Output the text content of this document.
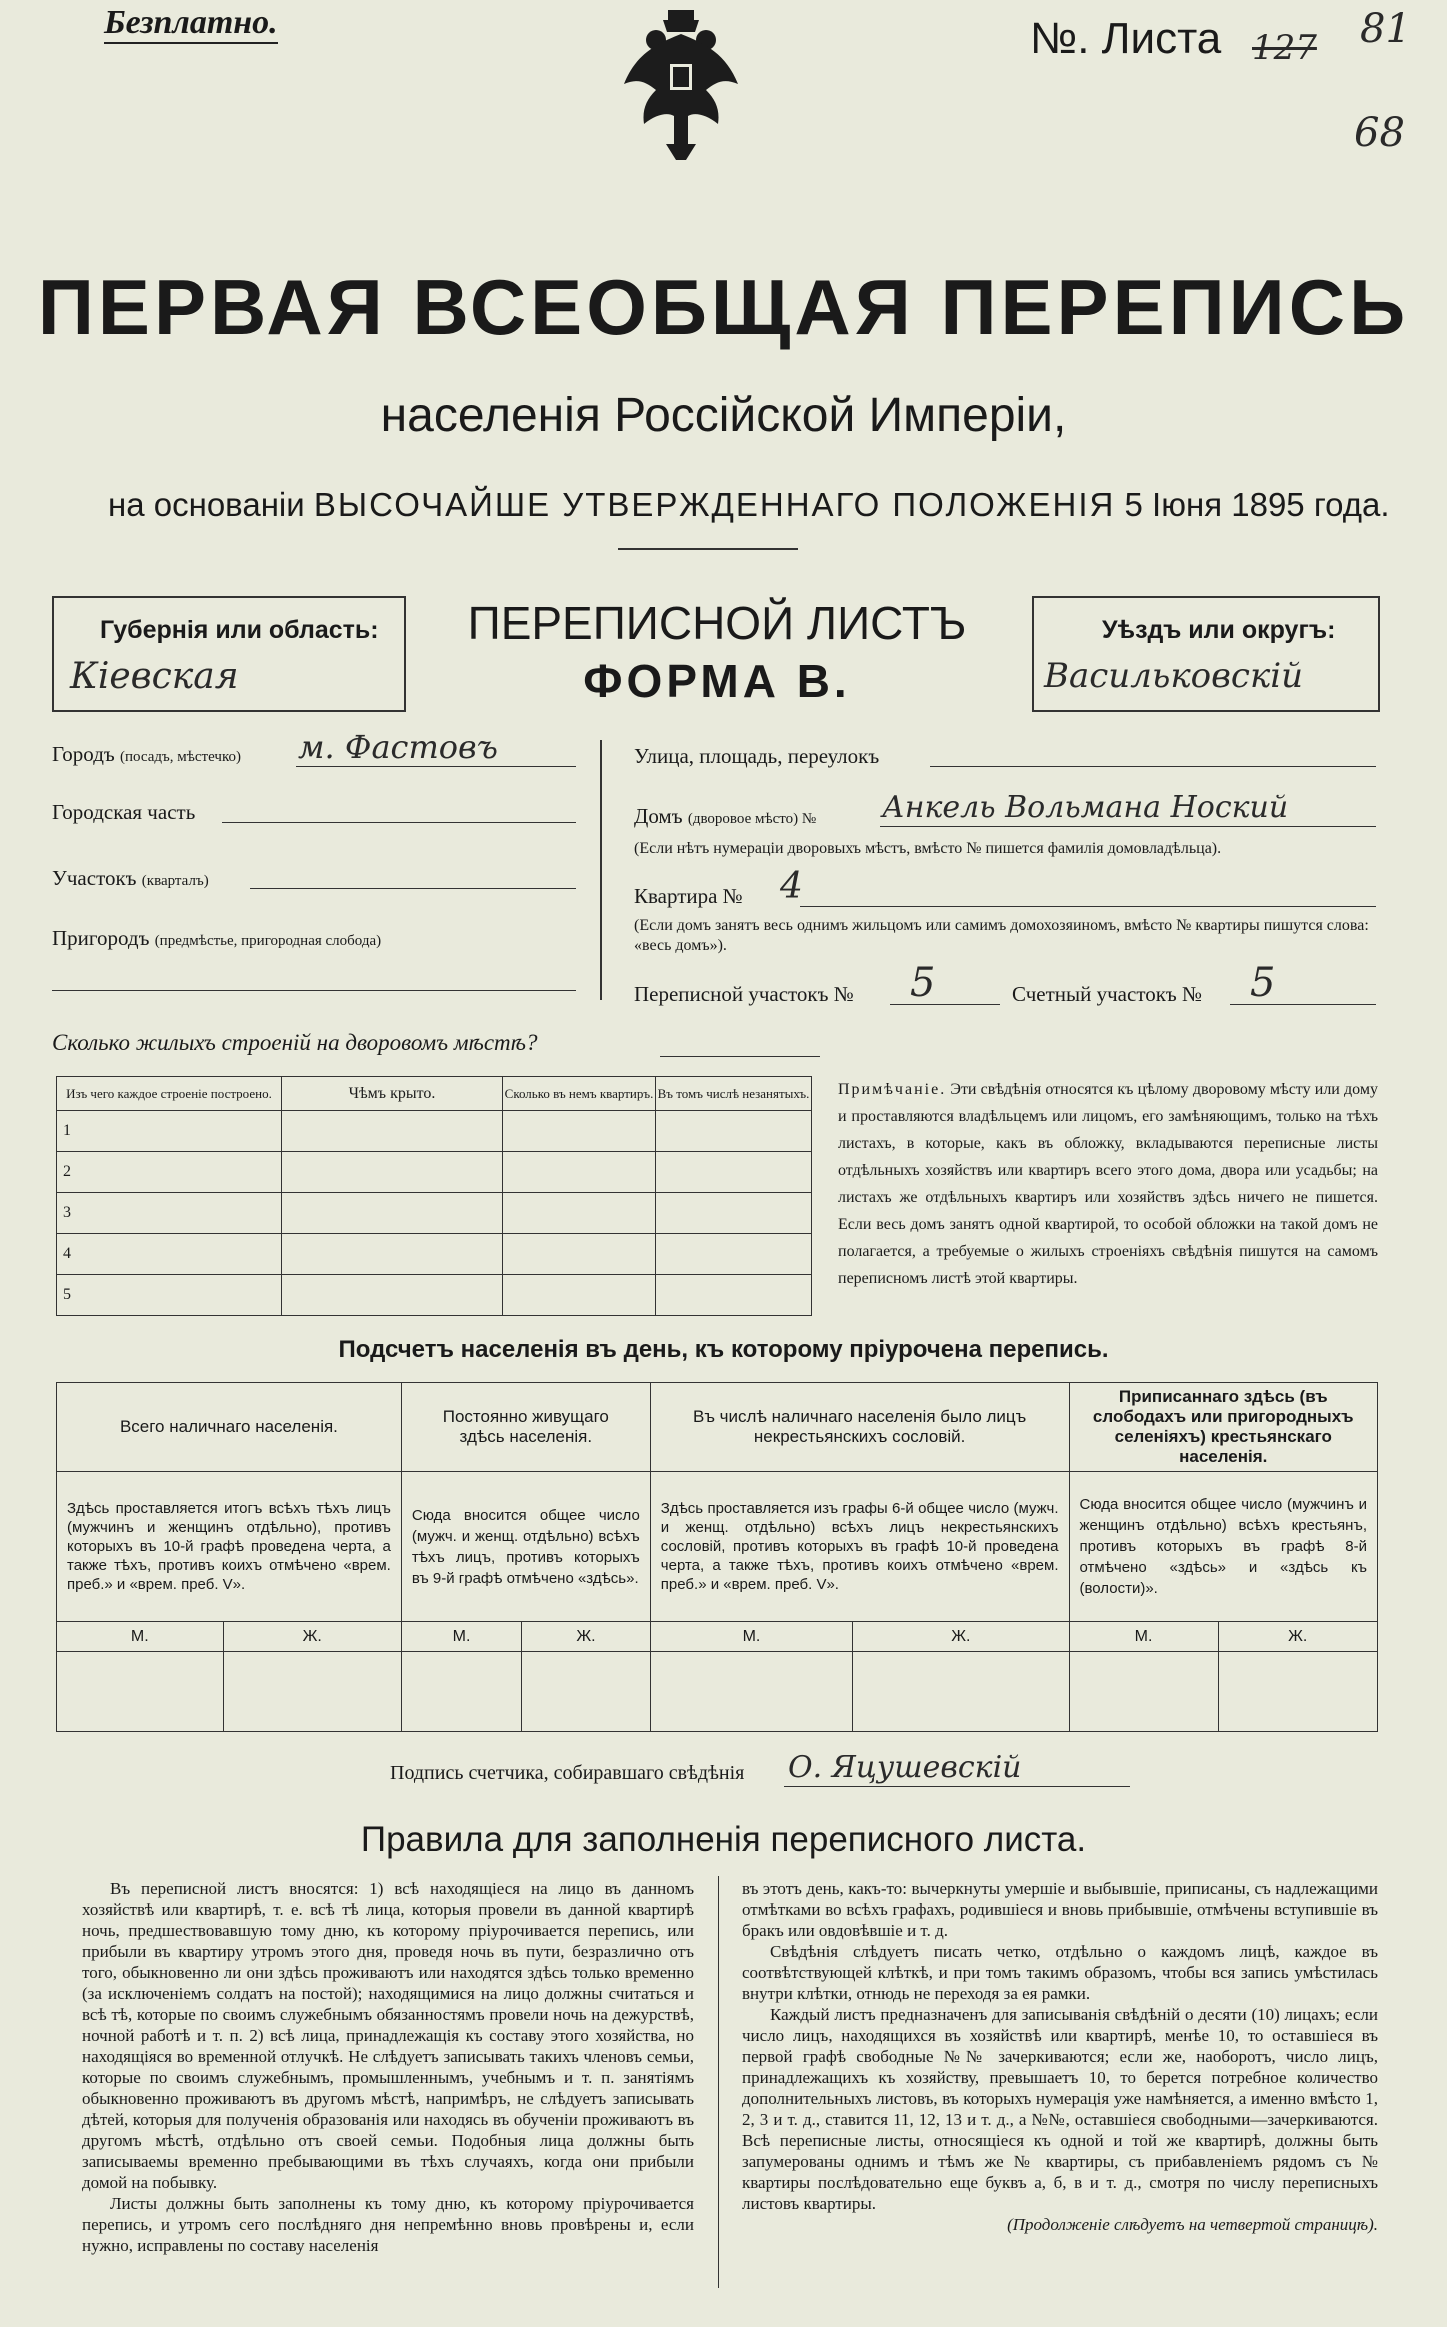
Безплатно.	№. Листа 127 81
68
ПЕРВАЯ ВСЕОБЩАЯ ПЕРЕПИСЬ
населенія Россійской Имперіи,
на основаніи ВЫСОЧАЙШЕ УТВЕРЖДЕННАГО ПОЛОЖЕНІЯ 5 Іюня 1895 года.
Губернія или область:
Кіевская
ПЕРЕПИСНОЙ ЛИСТЪ
ФОРМА В.
Уѣздъ или округъ:
Васильковскій
Городъ (посадъ, мѣстечко) м. Фастовъ
Городская часть
Участокъ (кварталъ)
Пригородъ (предмѣстье, пригородная слобода)
Улица, площадь, переулокъ
Домъ (дворовое мѣсто) № Анкель Вольмана Ноский
(Если нѣтъ нумераціи дворовыхъ мѣстъ, вмѣсто № пишется фамилія домовладѣльца).
Квартира № 4
(Если домъ занятъ весь однимъ жильцомъ или самимъ домохозяиномъ, вмѣсто № квартиры пишутся слова: «весь домъ»).
Переписной участокъ № 5	Счетный участокъ № 5
Сколько жилыхъ строеній на дворовомъ мѣстѣ?
Изъ чего каждое строеніе построено.	Чѣмъ крыто.	Сколько въ немъ квартиръ.	Въ томъ числѣ незанятыхъ.
1			
2			
3			
4			
5			
Примѣчаніе. Эти свѣдѣнія относятся къ цѣлому дворовому мѣсту или дому и проставляются владѣльцемъ или лицомъ, его замѣняющимъ, только на тѣхъ листахъ, в которые, какъ въ обложку, вкладываются переписные листы отдѣльныхъ хозяйствъ или квартиръ всего этого дома, двора или усадьбы; на листахъ же отдѣльныхъ квартиръ или хозяйствъ здѣсь ничего не пишется. Если весь домъ занятъ одной квартирой, то особой обложки на такой домъ не полагается, а требуемые о жилыхъ строеніяхъ свѣдѣнія пишутся на самомъ переписномъ листѣ этой квартиры.
Подсчетъ населенія въ день, къ которому пріурочена перепись.
Всего наличнаго населенія.		Постоянно живущаго здѣсь населенія.		Въ числѣ наличнаго населенія было лицъ некрестьянскихъ сословій.		Приписаннаго здѣсь (въ слободахъ или пригородныхъ селеніяхъ) крестьянскаго населенія.	
Здѣсь проставляется итогъ всѣхъ тѣхъ лицъ (мужчинъ и женщинъ отдѣльно), противъ которыхъ въ 10-й графѣ проведена черта, а также тѣхъ, противъ коихъ отмѣчено «врем. преб.» и «врем. преб. V».		Сюда вносится общее число (мужч. и женщ. отдѣльно) всѣхъ тѣхъ лицъ, противъ которыхъ въ 9-й графѣ отмѣчено «здѣсь».		Здѣсь проставляется изъ графы 6-й общее число (мужч. и женщ. отдѣльно) всѣхъ лицъ некрестьянскихъ сословій, противъ которыхъ въ графѣ 10-й проведена черта, а также тѣхъ, противъ коихъ отмѣчено «врем. преб.» и «врем. преб. V».		Сюда вносится общее число (мужчинъ и женщинъ отдѣльно) всѣхъ крестьянъ, противъ которыхъ въ графѣ 8-й отмѣчено «здѣсь» и «здѣсь къ (волости)».	
М.	Ж.	М.	Ж.	М.	Ж.	М.	Ж.

Подпись счетчика, собиравшаго свѣдѣнія О. Яцушевскій
Правила для заполненія переписного листа.
Въ переписной листъ вносятся: 1) всѣ находящіеся на лицо въ данномъ хозяйствѣ или квартирѣ, т. е. всѣ тѣ лица, которыя провели въ данной квартирѣ ночь, предшествовавшую тому дню, къ которому пріурочивается перепись, или прибыли въ квартиру утромъ этого дня, проведя ночь въ пути, безразлично отъ того, обыкновенно ли они здѣсь проживаютъ или находятся здѣсь только временно (за исключеніемъ солдатъ на постой); находящимися на лицо должны считаться и всѣ тѣ, которые по своимъ служебнымъ обязанностямъ провели ночь на дежурствѣ, ночной работѣ и т. п. 2) всѣ лица, принадлежащія къ составу этого хозяйства, но находящіяся во временной отлучкѣ. Не слѣдуетъ записывать такихъ членовъ семьи, которые по своимъ служебнымъ, промышленнымъ, учебнымъ и т. п. занятіямъ обыкновенно проживаютъ въ другомъ мѣстѣ, напримѣръ, не слѣдуетъ записывать дѣтей, которыя для полученія образованія или находясь въ обученіи проживаютъ въ другомъ мѣстѣ, отдѣльно отъ своей семьи. Подобныя лица должны быть записываемы временно пребывающими въ тѣхъ случаяхъ, когда они прибыли домой на побывку.
Листы должны быть заполнены къ тому дню, къ которому пріурочивается перепись, и утромъ сего послѣдняго дня непремѣнно вновь провѣрены и, если нужно, исправлены по составу населенія
въ этотъ день, какъ-то: вычеркнуты умершіе и выбывшіе, приписаны, съ надлежащими отмѣтками во всѣхъ графахъ, родившіеся и вновь прибывшіе, отмѣчены вступившіе въ бракъ или овдовѣвшіе и т. д.
Свѣдѣнія слѣдуетъ писать четко, отдѣльно о каждомъ лицѣ, каждое въ соотвѣтствующей клѣткѣ, и при томъ такимъ образомъ, чтобы вся запись умѣстилась внутри клѣтки, отнюдь не переходя за ея рамки.
Каждый листъ предназначенъ для записыванія свѣдѣній о десяти (10) лицахъ; если число лицъ, находящихся въ хозяйствѣ или квартирѣ, менѣе 10, то оставшіеся въ первой графѣ свободные №№ зачеркиваются; если же, наоборотъ, число лицъ, принадлежащихъ къ хозяйству, превышаетъ 10, то берется потребное количество дополнительныхъ листовъ, въ которыхъ нумерація уже намѣняется, а именно вмѣсто 1, 2, 3 и т. д., ставится 11, 12, 13 и т. д., а №№, оставшіеся свободными—зачеркиваются. Всѣ переписные листы, относящіеся къ одной и той же квартирѣ, должны быть запумерованы однимъ и тѣмъ же № квартиры, съ прибавленіемъ рядомъ съ № квартиры послѣдовательно еще буквъ а, б, в и т. д., смотря по числу переписныхъ листовъ квартиры.
(Продолженіе слѣдуетъ на четвертой страницѣ).
